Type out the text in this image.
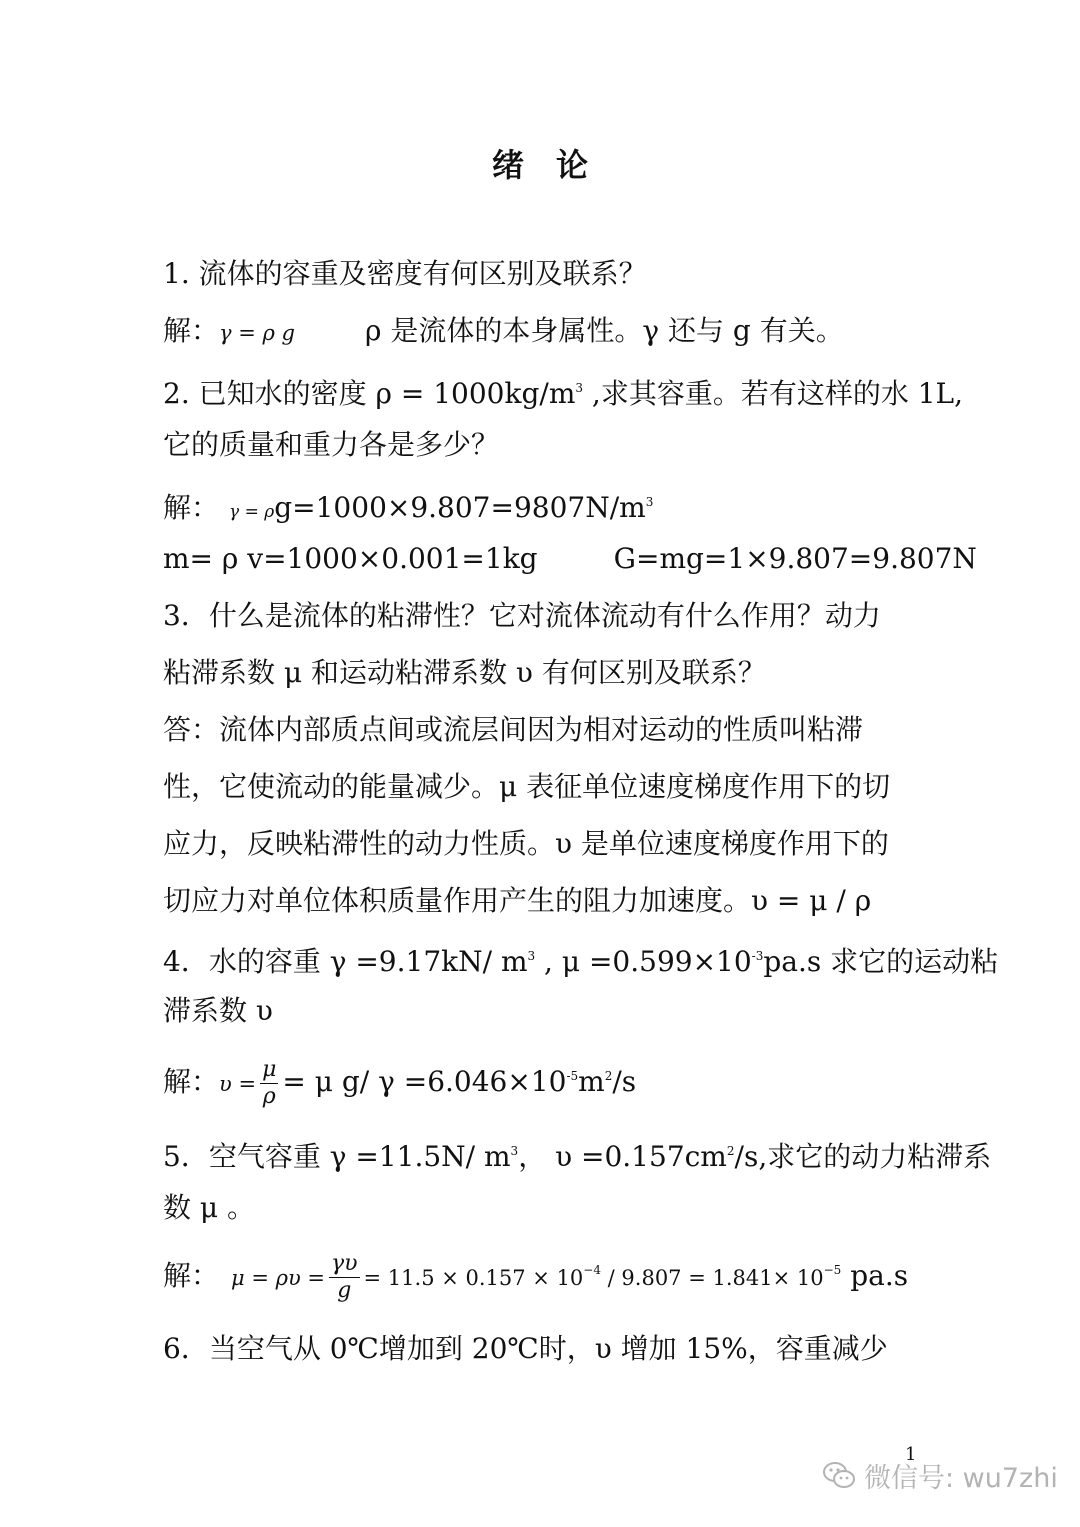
绪论
1. 流体的容重及密度有何区别及联系？
解：γ = ρ g	ρ 是流体的本身属性。γ 还与 g 有关。
2. 已知水的密度 $\rho = 1000kg/m^3$ ,求其容重。若有这样的水 1L,
它的质量和重力各是多少？
解： $\gamma = \rho g=1000\times 9.807=9807N/m^3$
m= ρ v=1000×0.001=1kg	G=mg=1×9.807=9.807N
3．什么是流体的粘滞性？它对流体流动有什么作用？动力
粘滞系数 μ 和运动粘滞系数 υ 有何区别及联系？
答：流体内部质点间或流层间因为相对运动的性质叫粘滞
性，它使流动的能量减少。μ 表征单位速度梯度作用下的切
应力，反映粘滞性的动力性质。υ 是单位速度梯度作用下的
切应力对单位体积质量作用产生的阻力加速度。υ = μ / ρ
4．水的容重 γ =9.17kN/ $m^3$ , $\mu =0.599\times 10^{-3}pa.s$ 求它的运动粘
滞系数 υ
解：$\upsilon = \frac{\mu}{\rho} = \mu$ g/ $\gamma =6.046\times 10^{-5}m^2/s$
5．空气容重 γ =11.5N/ $m^3$， $\upsilon =0.157cm^2/s$,求它的动力粘滞系
数 μ 。
解： $\mu = \rho\upsilon = \frac{\gamma\upsilon}{g} = 11.5 \times 0.157 \times 10^{-4} / 9.807 = 1.841\times 10^{-5}$ pa.s
6．当空气从 0℃增加到 20℃时，υ 增加 15%，容重减少
1
微信号: wu7zhi
